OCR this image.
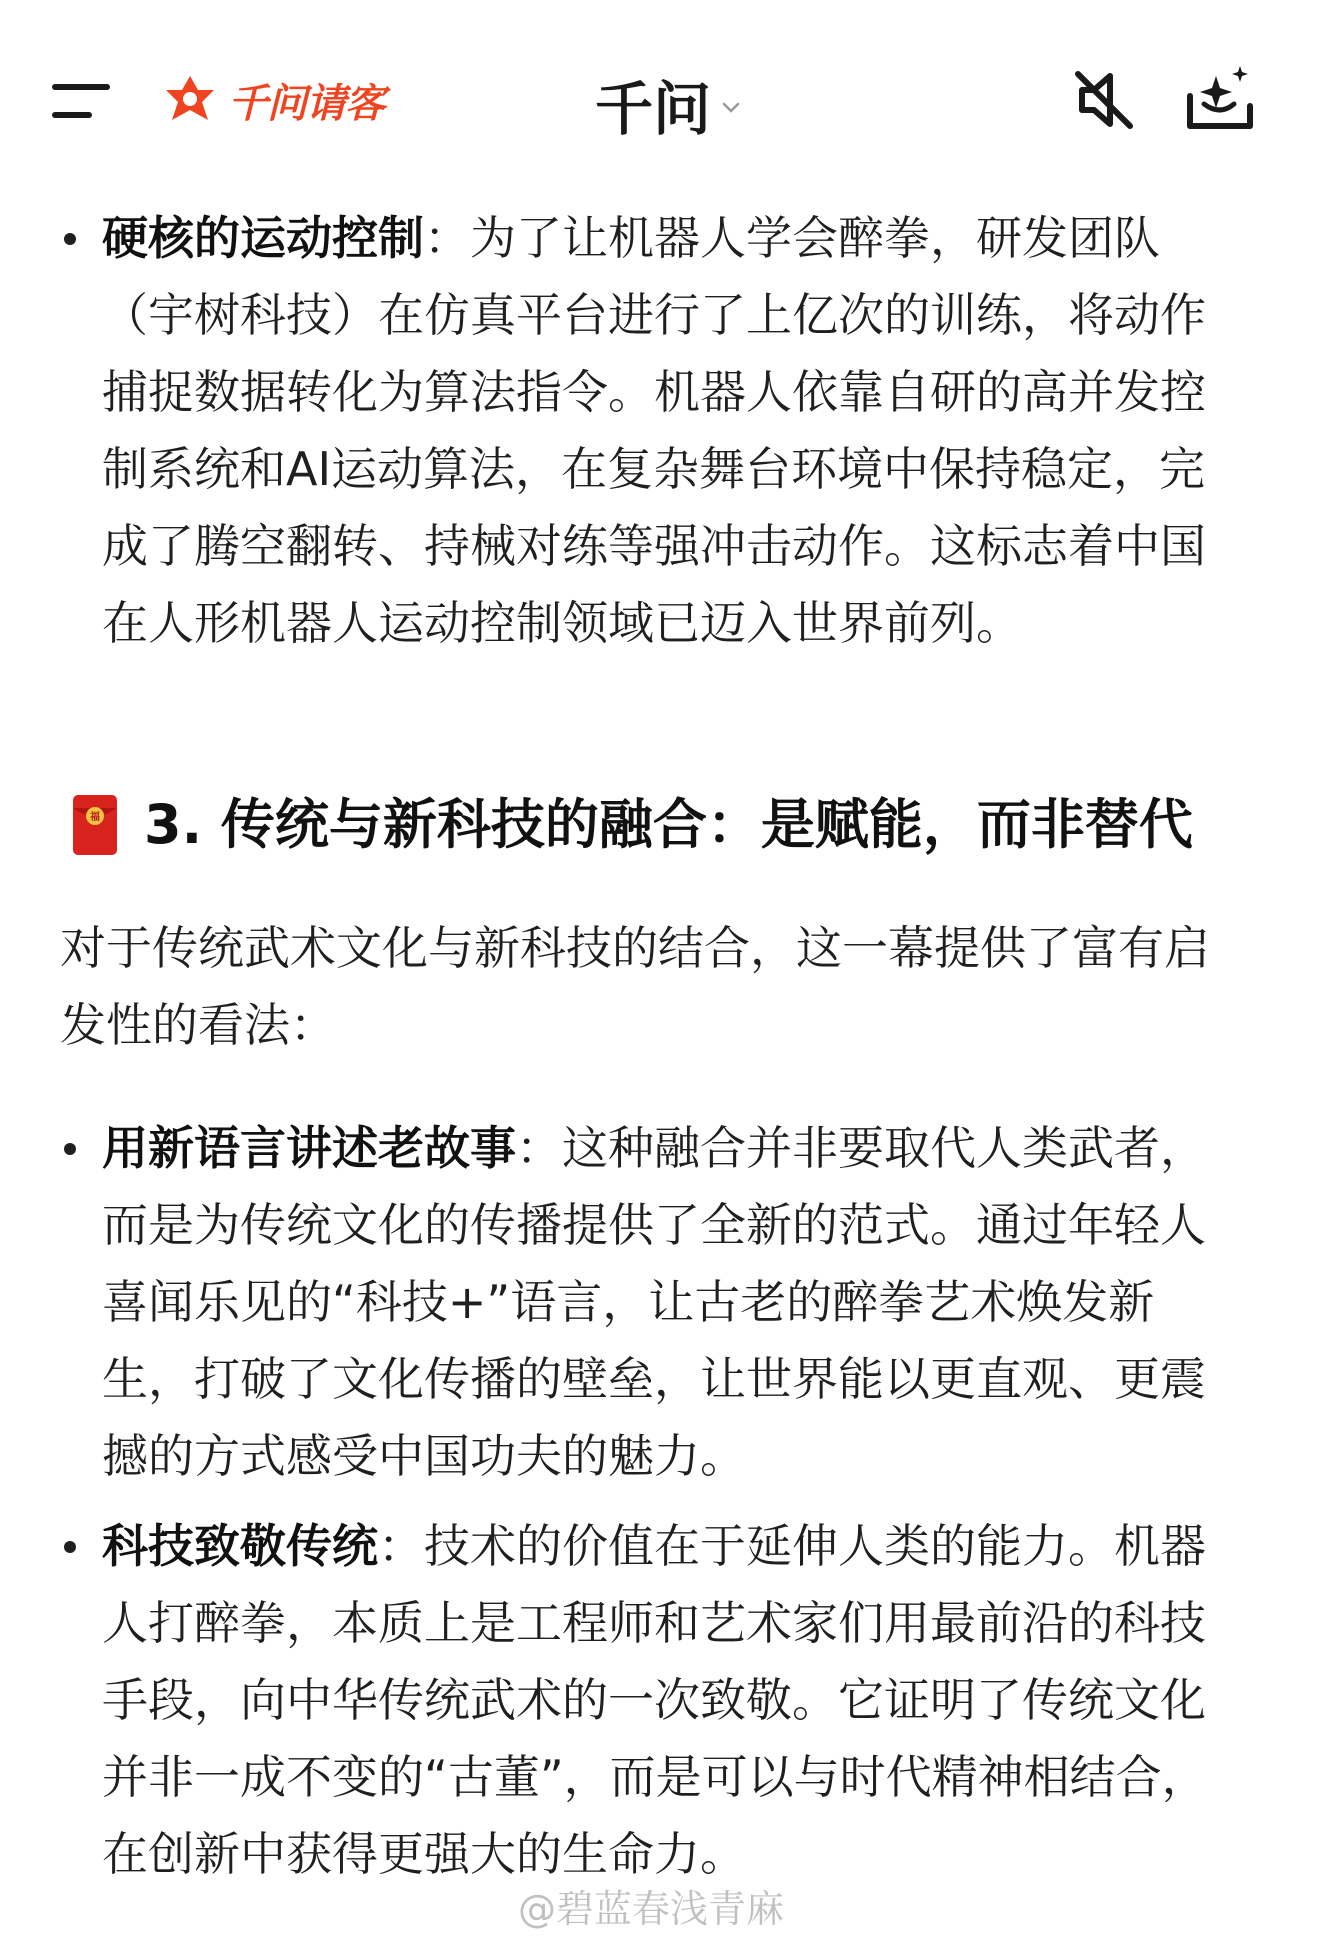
千问请客	千问
硬核的运动控制：为了让机器人学会醉拳，研发团队（宇树科技）在仿真平台进行了上亿次的训练，将动作捕捉数据转化为算法指令。机器人依靠自研的高并发控制系统和AI运动算法，在复杂舞台环境中保持稳定，完成了腾空翻转、持械对练等强冲击动作。这标志着中国在人形机器人运动控制领域已迈入世界前列。
福 3. 传统与新科技的融合：是赋能，而非替代
对于传统武术文化与新科技的结合，这一幕提供了富有启发性的看法：
用新语言讲述老故事：这种融合并非要取代人类武者，而是为传统文化的传播提供了全新的范式。通过年轻人喜闻乐见的“科技+”语言，让古老的醉拳艺术焕发新生，打破了文化传播的壁垒，让世界能以更直观、更震撼的方式感受中国功夫的魅力。
科技致敬传统：技术的价值在于延伸人类的能力。机器人打醉拳，本质上是工程师和艺术家们用最前沿的科技手段，向中华传统武术的一次致敬。它证明了传统文化并非一成不变的“古董”，而是可以与时代精神相结合，在创新中获得更强大的生命力。
@碧蓝春浅青麻
